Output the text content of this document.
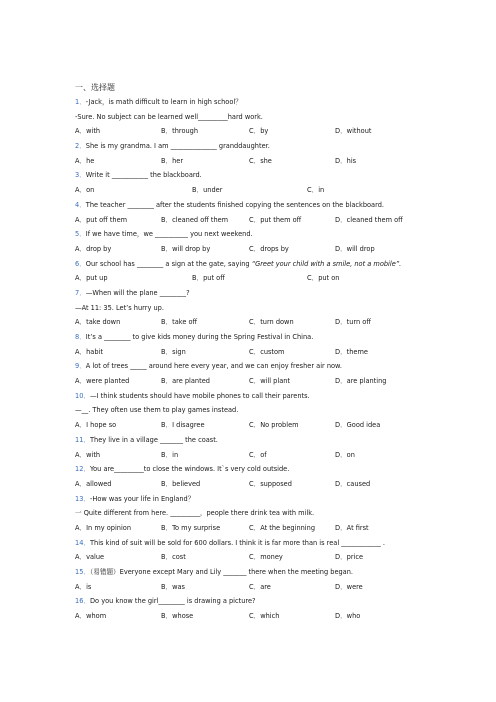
一、选择题
1．-Jack，is math difficult to learn in high school？
-Sure. No subject can be learned well_________hard work.
A．with	B．through	C．by	D．without
2．She is my grandma. I am ______________ granddaughter.
A．he	B．her	C．she	D．his
3．Write it ___________ the blackboard.
A．on	B．under	C．in
4．The teacher ________ after the students finished copying the sentences on the blackboard.
A．put off them	B．cleaned off them	C．put them off	D．cleaned them off
5．If we have time，we __________ you next weekend.
A．drop by	B．will drop by	C．drops by	D．will drop
6．Our school has ________ a sign at the gate, saying “Greet your child with a smile, not a mobile”.
A．put up	B．put off	C．put on
7．—When will the plane ________?
—At 11: 35. Let’s hurry up.
A．take down	B．take off	C．turn down	D．turn off
8．It’s a ________ to give kids money during the Spring Festival in China.
A．habit	B．sign	C．custom	D．theme
9．A lot of trees _____ around here every year, and we can enjoy fresher air now.
A．were planted	B．are planted	C．will plant	D．are planting
10．—I think students should have mobile phones to call their parents.
—__. They often use them to play games instead.
A．I hope so	B．I disagree	C．No problem	D．Good idea
11．They live in a village _______ the coast.
A．with	B．in	C．of	D．on
12．You are_________to close the windows. It`s very cold outside.
A．allowed	B．believed	C．supposed	D．caused
13．-How was your life in England？
一 Quite different from here. _________，people there drink tea with milk.
A．In my opinion	B．To my surprise	C．At the beginning	D．At first
14．This kind of suit will be sold for 600 dollars. I think it is far more than is real ____________ .
A．value	B．cost	C．money	D．price
15．（易错题）Everyone except Mary and Lily _______ there when the meeting began.
A．is	B．was	C．are	D．were
16．Do you know the girl________ is drawing a picture?
A．whom	B．whose	C．which	D．who
